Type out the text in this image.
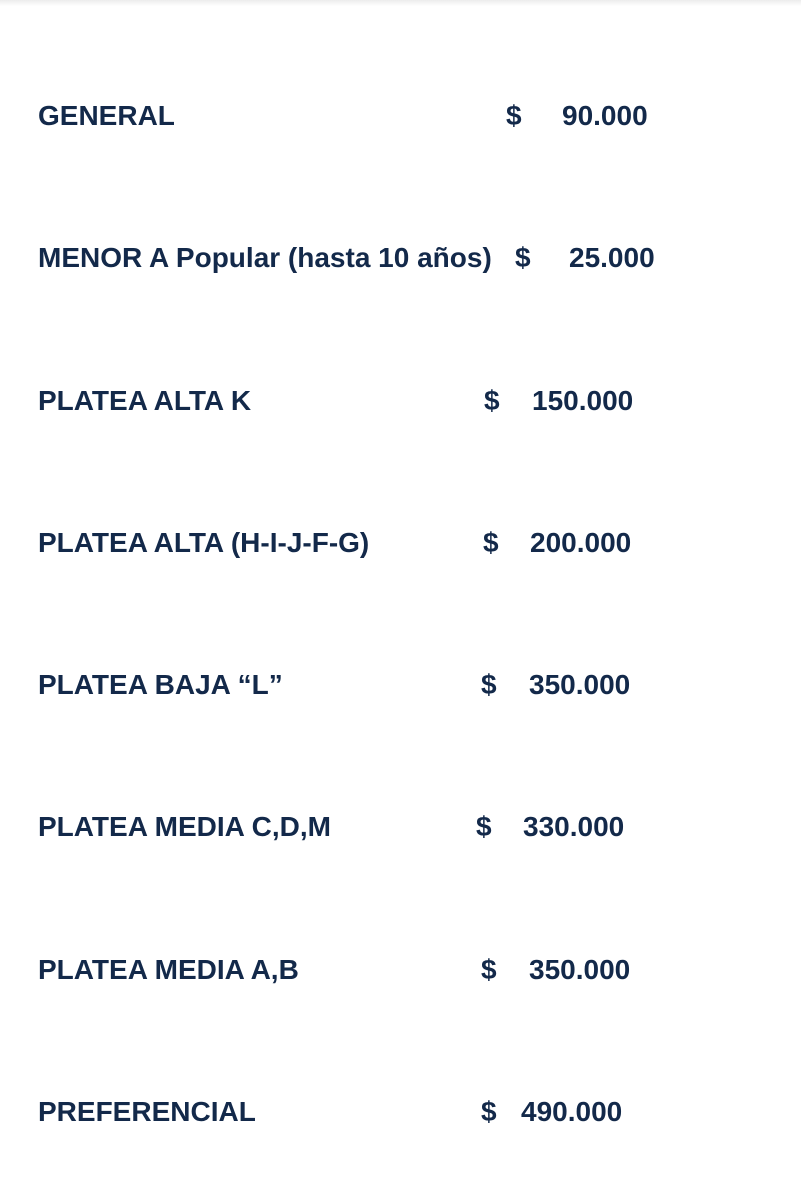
GENERAL	$ 90.000
MENOR A Popular (hasta 10 años) $ 25.000
PLATEA ALTA K	$ 150.000
PLATEA ALTA (H-I-J-F-G)	$ 200.000
PLATEA BAJA “L”	$ 350.000
PLATEA MEDIA C,D,M	$ 330.000
PLATEA MEDIA A,B	$ 350.000
PREFERENCIAL	$ 490.000
